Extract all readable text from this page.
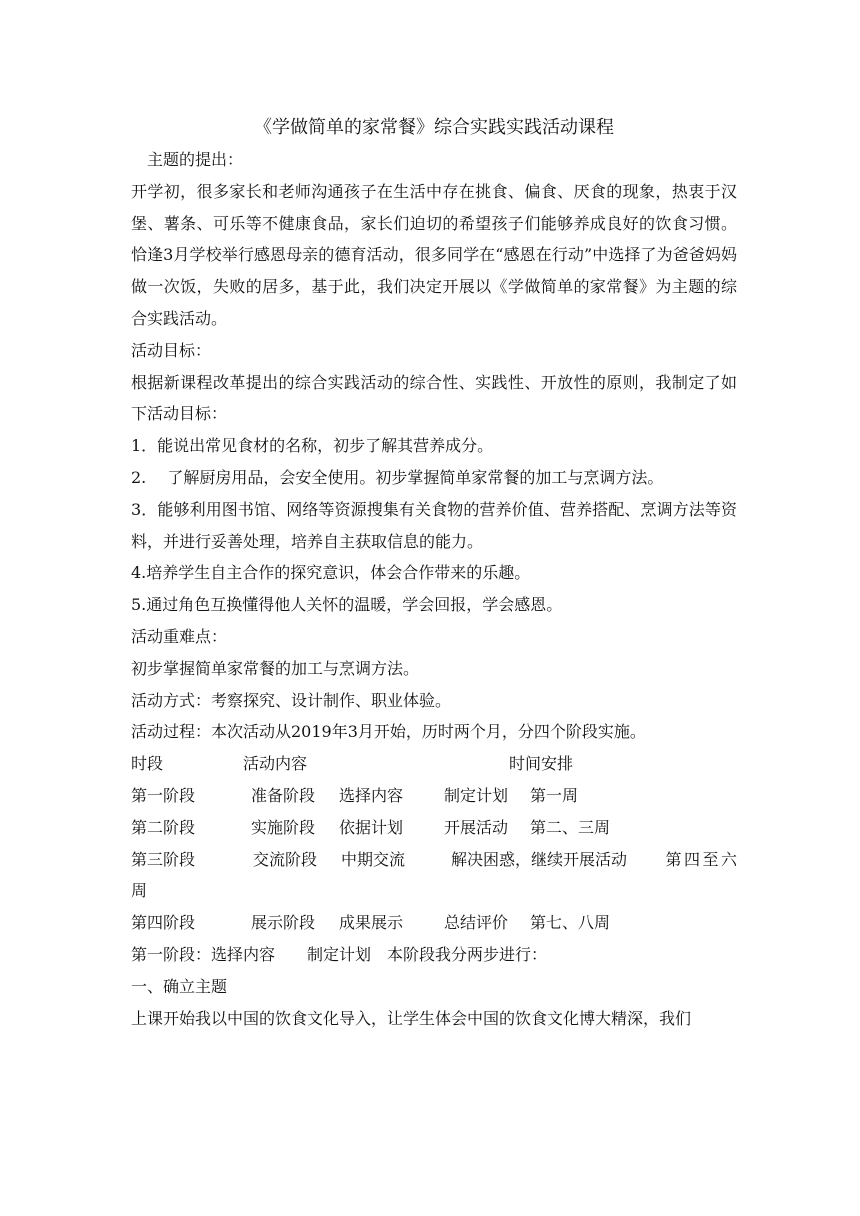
《学做简单的家常餐》综合实践实践活动课程
主题的提出：
开学初，很多家长和老师沟通孩子在生活中存在挑食、偏食、厌食的现象，热衷于汉堡、薯条、可乐等不健康食品，家长们迫切的希望孩子们能够养成良好的饮食习惯。恰逢3月学校举行感恩母亲的德育活动，很多同学在“感恩在行动”中选择了为爸爸妈妈做一次饭，失败的居多，基于此，我们决定开展以《学做简单的家常餐》为主题的综合实践活动。
活动目标：
根据新课程改革提出的综合实践活动的综合性、实践性、开放性的原则，我制定了如下活动目标：
1．能说出常见食材的名称，初步了解其营养成分。
2.　 了解厨房用品，会安全使用。初步掌握简单家常餐的加工与烹调方法。
3．能够利用图书馆、网络等资源搜集有关食物的营养价值、营养搭配、烹调方法等资料，并进行妥善处理，培养自主获取信息的能力。
4.培养学生自主合作的探究意识，体会合作带来的乐趣。
5.通过角色互换懂得他人关怀的温暖，学会回报，学会感恩。
活动重难点：
初步掌握简单家常餐的加工与烹调方法。
活动方式：考察探究、设计制作、职业体验。
活动过程：本次活动从2019年3月开始，历时两个月，分四个阶段实施。
时段	活动内容	时间安排
第一阶段	准备阶段 选择内容	制定计划 第一周
第二阶段	实施阶段 依据计划	开展活动 第二、三周
第三阶段	交流阶段 中期交流	解决困惑，继续开展活动 第四至六周
第四阶段	展示阶段 成果展示	总结评价 第七、八周
第一阶段：选择内容　　制定计划　本阶段我分两步进行：
一、确立主题
上课开始我以中国的饮食文化导入，让学生体会中国的饮食文化博大精深，我们
